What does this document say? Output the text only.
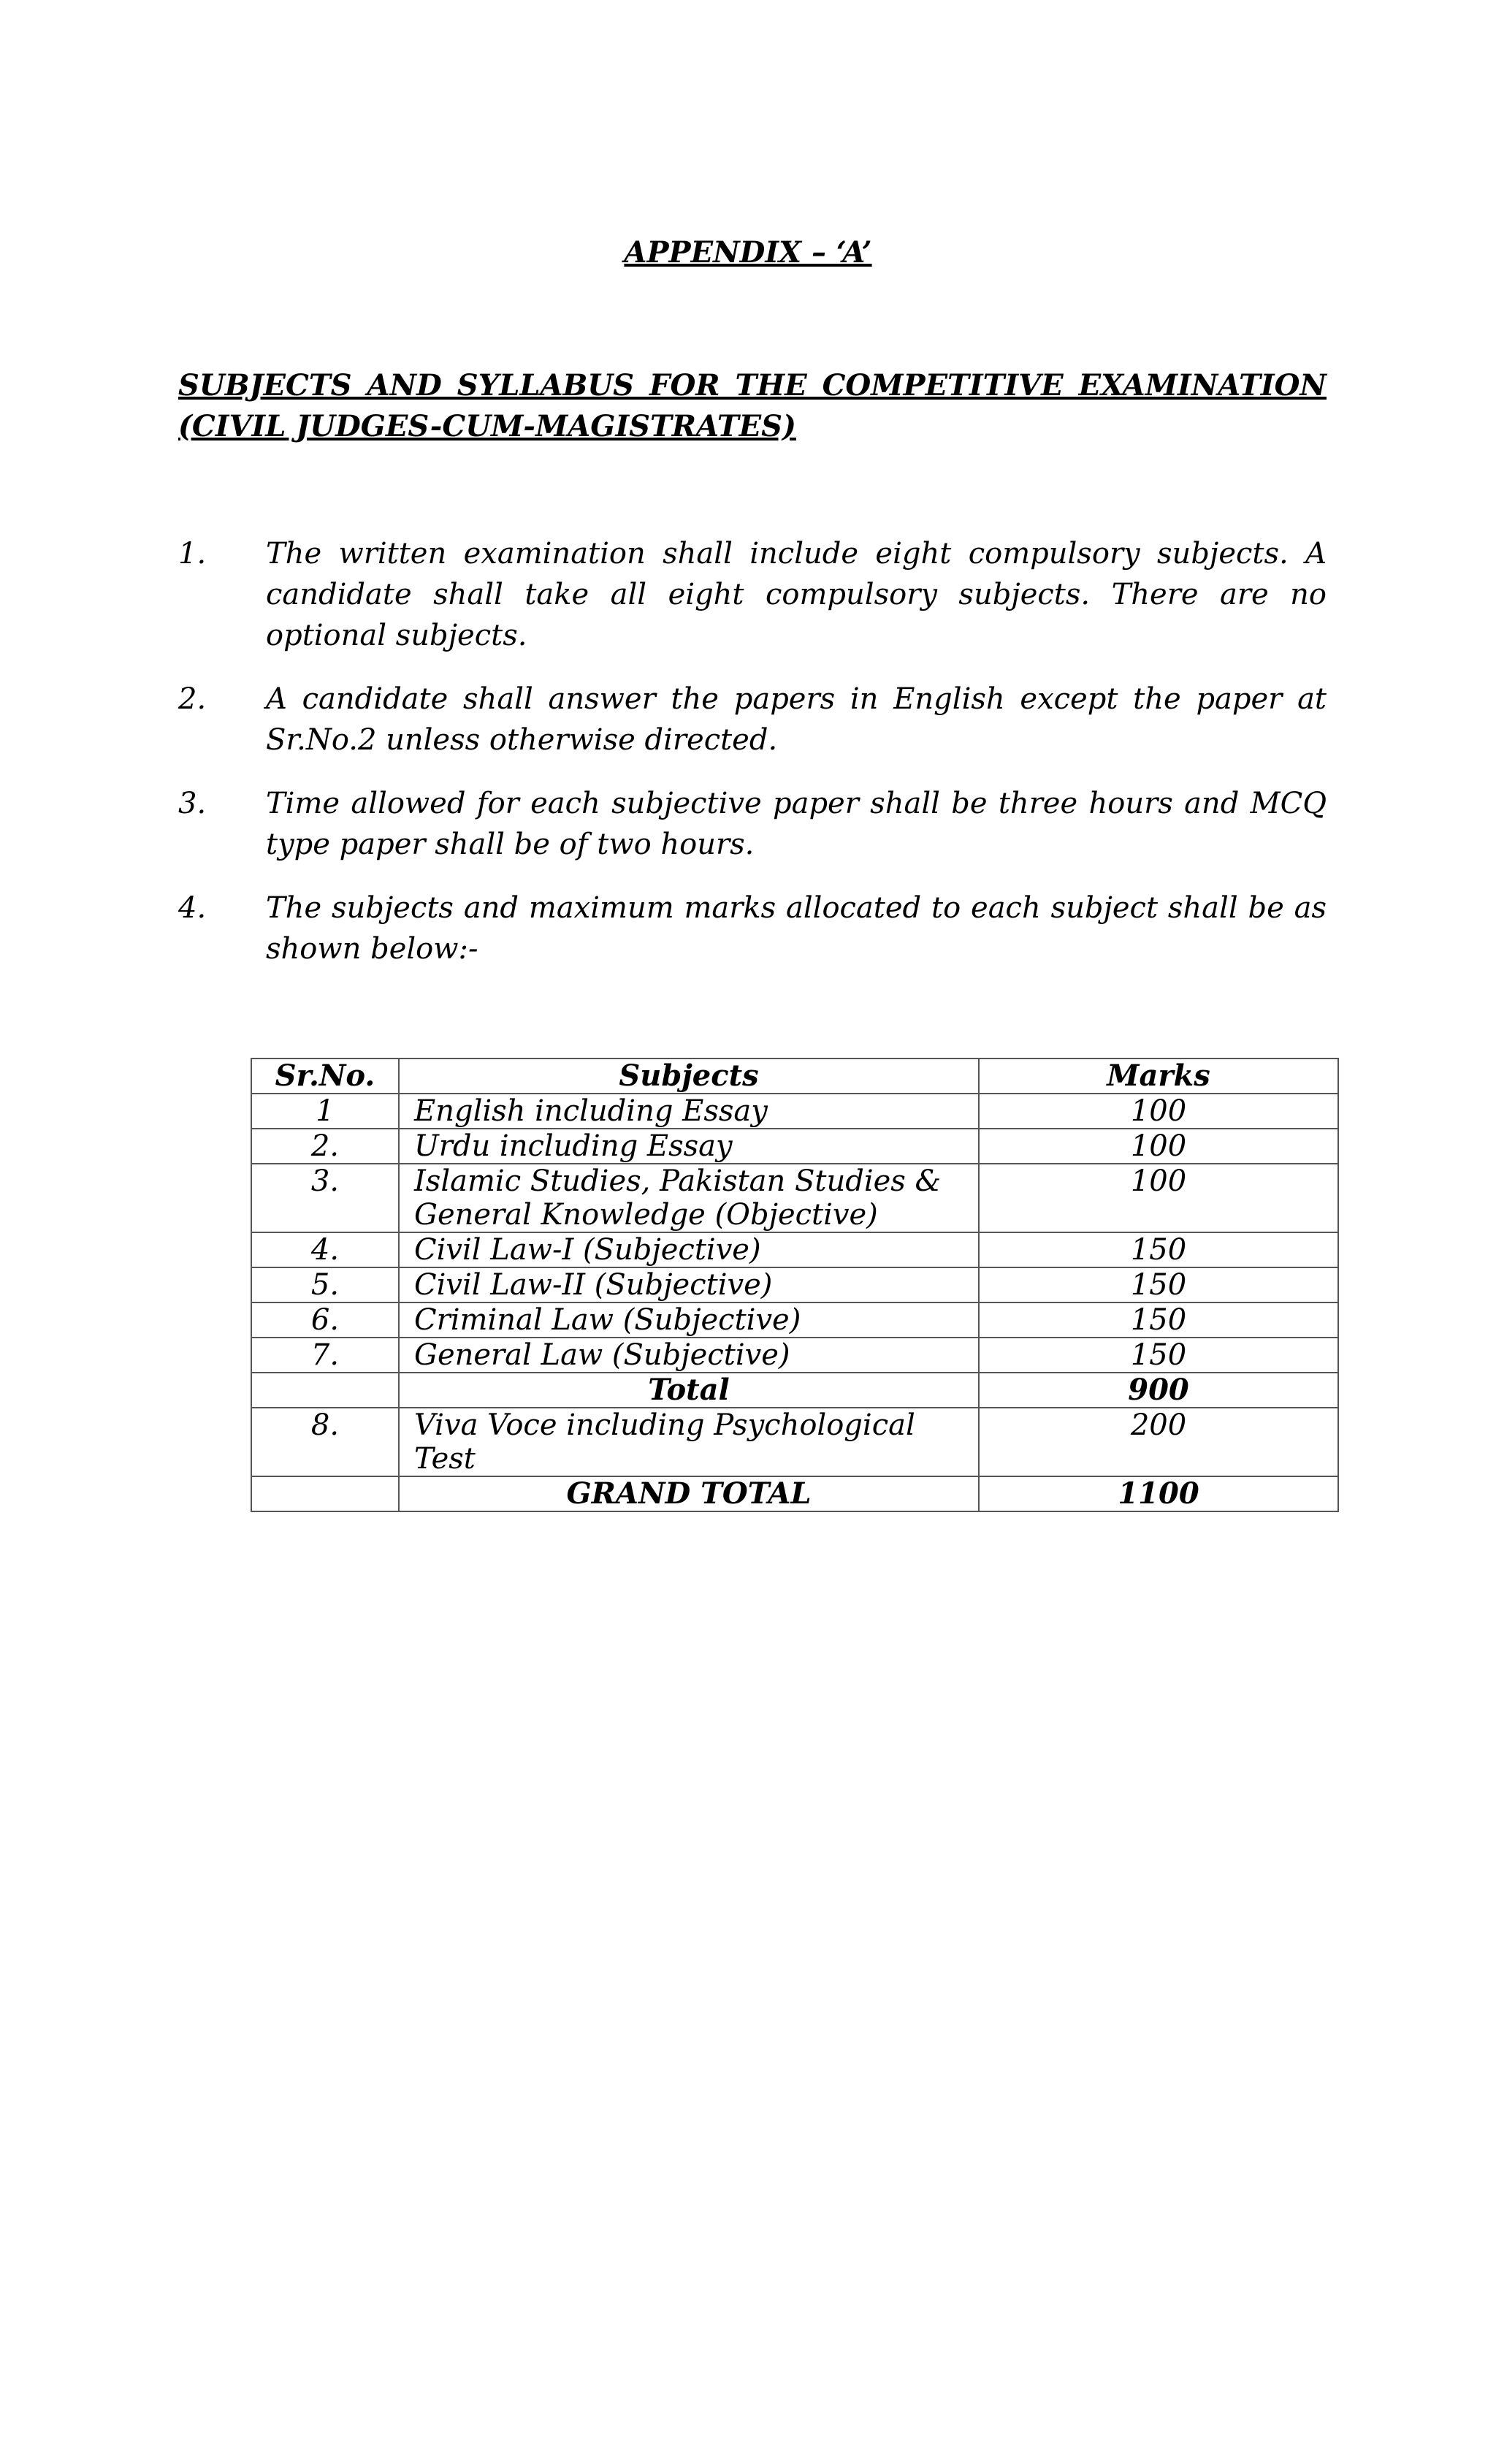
APPENDIX – ‘A’
SUBJECTS AND SYLLABUS FOR THE COMPETITIVE EXAMINATION
(CIVIL JUDGES-CUM-MAGISTRATES)
1. The written examination shall include eight compulsory subjects. A candidate shall take all eight compulsory subjects. There are no optional subjects.
2. A candidate shall answer the papers in English except the paper at Sr.No.2 unless otherwise directed.
3. Time allowed for each subjective paper shall be three hours and MCQ type paper shall be of two hours.
4. The subjects and maximum marks allocated to each subject shall be as shown below:-
Sr.No.	Subjects	Marks
1	English including Essay	100
2.	Urdu including Essay	100
3.	Islamic Studies, Pakistan Studies & General Knowledge (Objective)	100
4.	Civil Law-I (Subjective)	150
5.	Civil Law-II (Subjective)	150
6.	Criminal Law (Subjective)	150
7.	General Law (Subjective)	150
	Total	900
8.	Viva Voce including Psychological Test	200
	GRAND TOTAL	1100
